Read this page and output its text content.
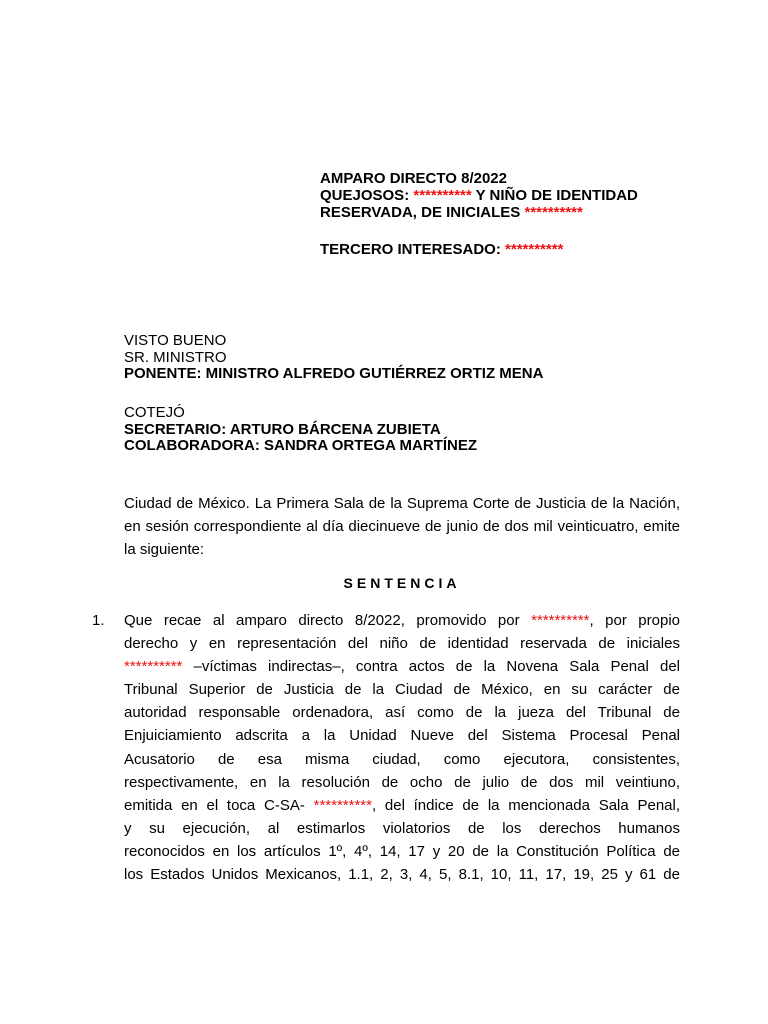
AMPARO DIRECTO 8/2022
QUEJOSOS: ********** Y NIÑO DE IDENTIDAD
RESERVADA, DE INICIALES **********
TERCERO INTERESADO: **********
VISTO BUENO
SR. MINISTRO
PONENTE: MINISTRO ALFREDO GUTIÉRREZ ORTIZ MENA
COTEJÓ
SECRETARIO: ARTURO BÁRCENA ZUBIETA
COLABORADORA: SANDRA ORTEGA MARTÍNEZ
Ciudad de México. La Primera Sala de la Suprema Corte de Justicia de la Nación, en sesión correspondiente al día diecinueve de junio de dos mil veinticuatro, emite la siguiente:
SENTENCIA
1. Que recae al amparo directo 8/2022, promovido por **********, por propio
derecho y en representación del niño de identidad reservada de iniciales
********** –víctimas indirectas–, contra actos de la Novena Sala Penal del
Tribunal Superior de Justicia de la Ciudad de México, en su carácter de
autoridad responsable ordenadora, así como de la jueza del Tribunal de
Enjuiciamiento adscrita a la Unidad Nueve del Sistema Procesal Penal
Acusatorio de esa misma ciudad, como ejecutora, consistentes,
respectivamente, en la resolución de ocho de julio de dos mil veintiuno,
emitida en el toca C-SA- **********, del índice de la mencionada Sala Penal,
y su ejecución, al estimarlos violatorios de los derechos humanos
reconocidos en los artículos 1º, 4º, 14, 17 y 20 de la Constitución Política de
los Estados Unidos Mexicanos, 1.1, 2, 3, 4, 5, 8.1, 10, 11, 17, 19, 25 y 61 de
